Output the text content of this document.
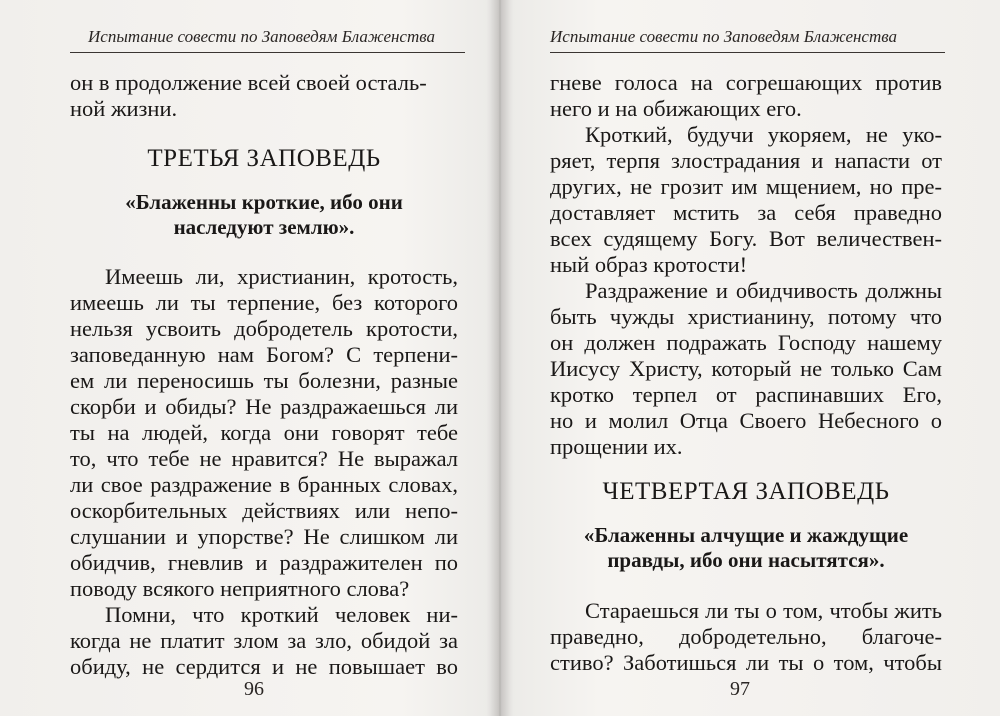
Испытание совести по Заповедям Блаженства
он в продолжение всей своей осталь-
ной жизни.
ТРЕТЬЯ ЗАПОВЕДЬ
«Блаженны кроткие, ибо они
наследуют землю».
Имеешь ли, христианин, кротость,
имеешь ли ты терпение, без которого
нельзя усвоить добродетель кротости,
заповеданную нам Богом? С терпени-
ем ли переносишь ты болезни, разные
скорби и обиды? Не раздражаешься ли
ты на людей, когда они говорят тебе
то, что тебе не нравится? Не выражал
ли свое раздражение в бранных словах,
оскорбительных действиях или непо-
слушании и упорстве? Не слишком ли
обидчив, гневлив и раздражителен по
поводу всякого неприятного слова?
Помни, что кроткий человек ни-
когда не платит злом за зло, обидой за
обиду, не сердится и не повышает во
96
Испытание совести по Заповедям Блаженства
гневе голоса на согрешающих против
него и на обижающих его.
Кроткий, будучи укоряем, не уко-
ряет, терпя злострадания и напасти от
других, не грозит им мщением, но пре-
доставляет мстить за себя праведно
всех судящему Богу. Вот величествен-
ный образ кротости!
Раздражение и обидчивость должны
быть чужды христианину, потому что
он должен подражать Господу нашему
Иисусу Христу, который не только Сам
кротко терпел от распинавших Его,
но и молил Отца Своего Небесного о
прощении их.
ЧЕТВЕРТАЯ ЗАПОВЕДЬ
«Блаженны алчущие и жаждущие
правды, ибо они насытятся».
Стараешься ли ты о том, чтобы жить
праведно, добродетельно, благоче-
стиво? Заботишься ли ты о том, чтобы
97
